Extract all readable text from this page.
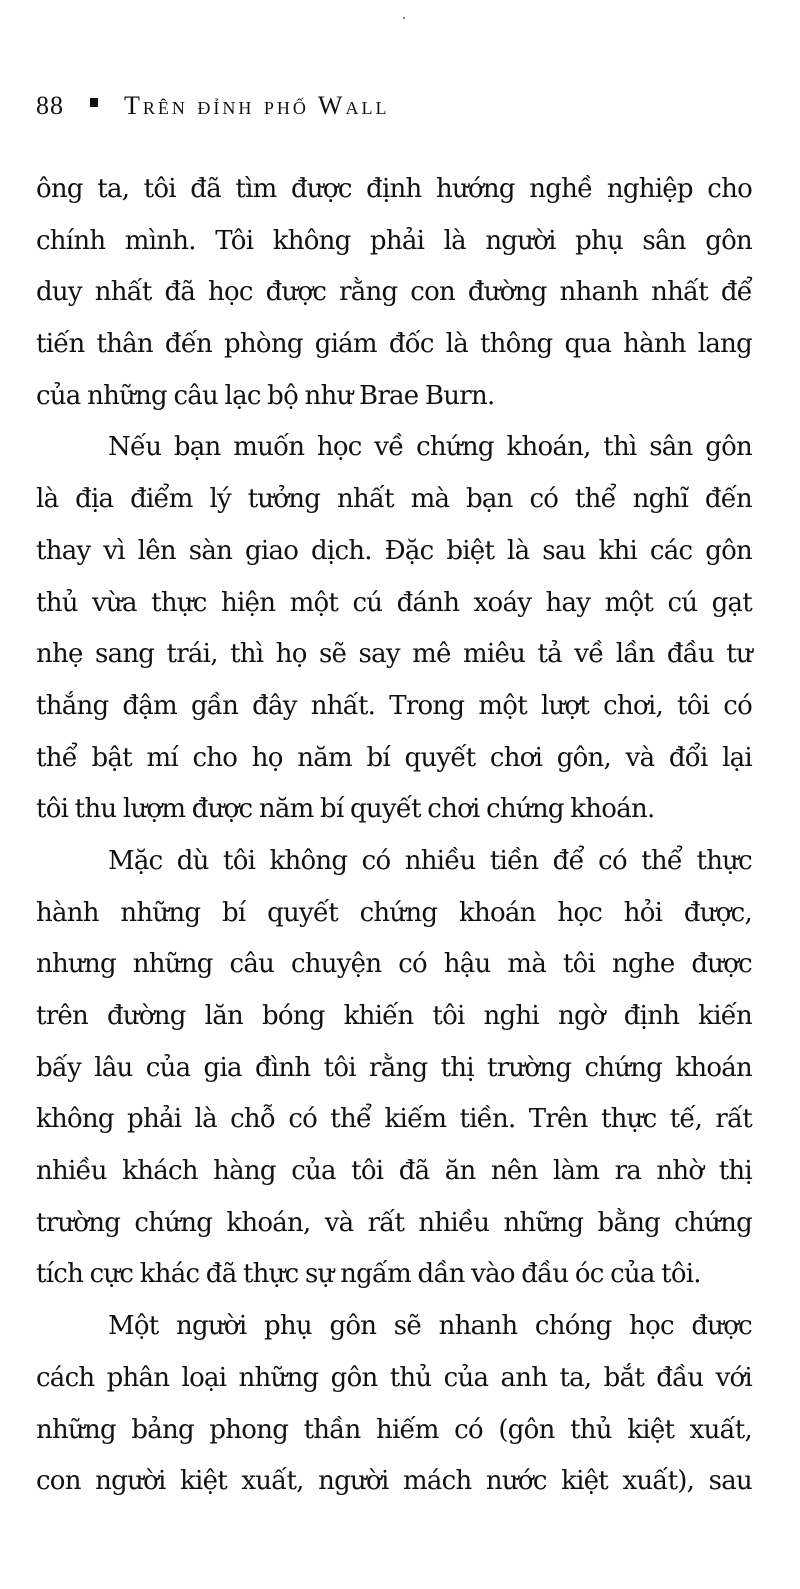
88 Trên đỉnh phố Wall
ông ta, tôi đã tìm được định hướng nghề nghiệp cho
chính mình. Tôi không phải là người phụ sân gôn
duy nhất đã học được rằng con đường nhanh nhất để
tiến thân đến phòng giám đốc là thông qua hành lang
của những câu lạc bộ như Brae Burn.
Nếu bạn muốn học về chứng khoán, thì sân gôn
là địa điểm lý tưởng nhất mà bạn có thể nghĩ đến
thay vì lên sàn giao dịch. Đặc biệt là sau khi các gôn
thủ vừa thực hiện một cú đánh xoáy hay một cú gạt
nhẹ sang trái, thì họ sẽ say mê miêu tả về lần đầu tư
thắng đậm gần đây nhất. Trong một lượt chơi, tôi có
thể bật mí cho họ năm bí quyết chơi gôn, và đổi lại
tôi thu lượm được năm bí quyết chơi chứng khoán.
Mặc dù tôi không có nhiều tiền để có thể thực
hành những bí quyết chứng khoán học hỏi được,
nhưng những câu chuyện có hậu mà tôi nghe được
trên đường lăn bóng khiến tôi nghi ngờ định kiến
bấy lâu của gia đình tôi rằng thị trường chứng khoán
không phải là chỗ có thể kiếm tiền. Trên thực tế, rất
nhiều khách hàng của tôi đã ăn nên làm ra nhờ thị
trường chứng khoán, và rất nhiều những bằng chứng
tích cực khác đã thực sự ngấm dần vào đầu óc của tôi.
Một người phụ gôn sẽ nhanh chóng học được
cách phân loại những gôn thủ của anh ta, bắt đầu với
những bảng phong thần hiếm có (gôn thủ kiệt xuất,
con người kiệt xuất, người mách nước kiệt xuất), sau
